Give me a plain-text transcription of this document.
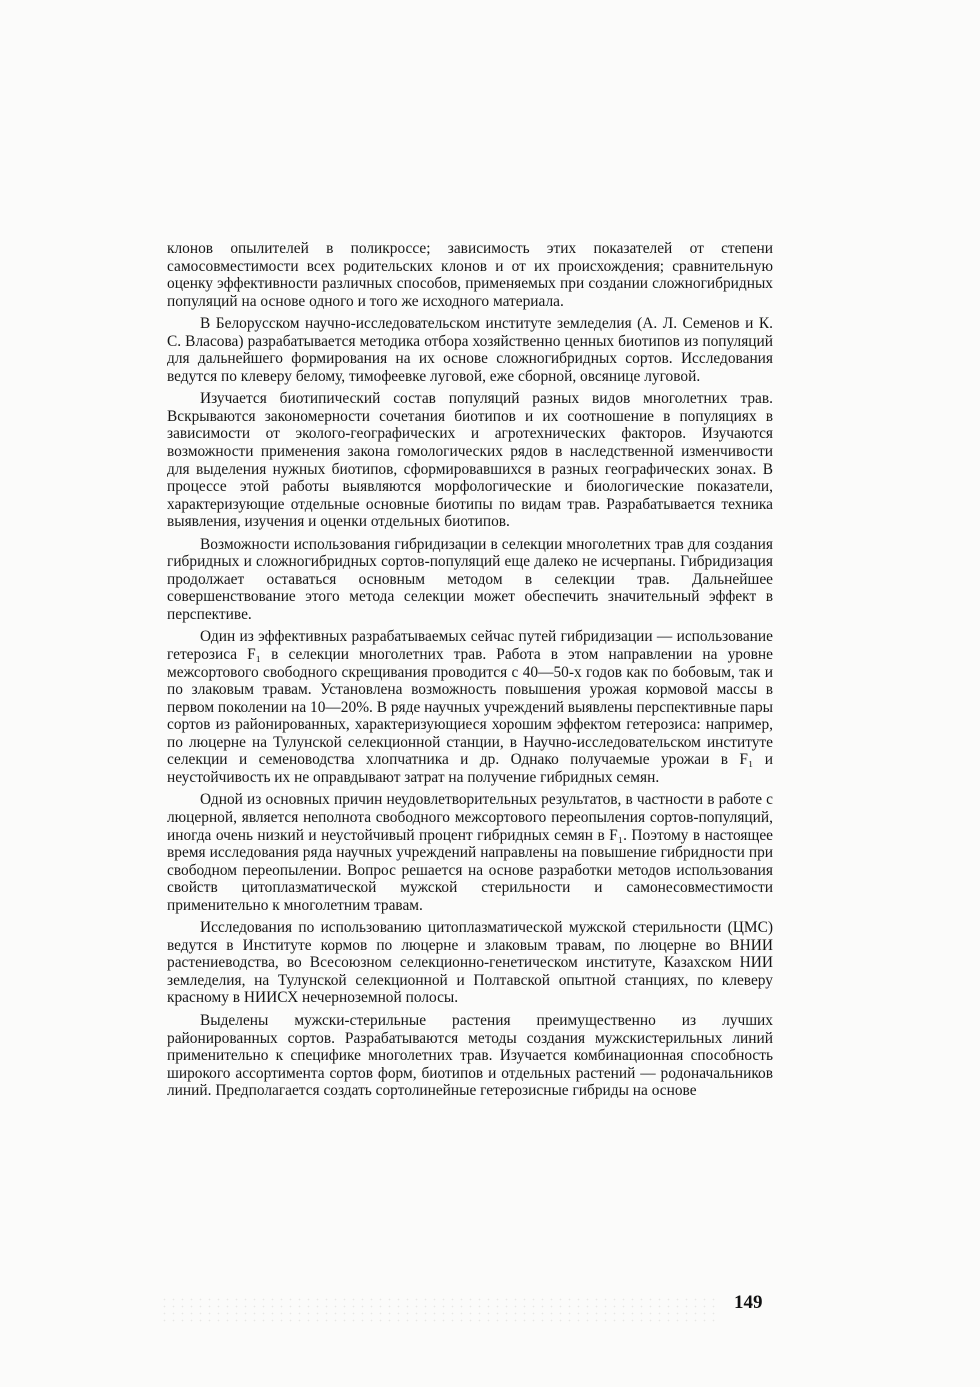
клонов опылителей в поликроссе; зависимость этих показателей от степени самосовместимости всех родительских клонов и от их происхождения; сравнительную оценку эффективности различных способов, применяемых при создании сложногибридных популяций на основе одного и того же исходного материала.

В Белорусском научно-исследовательском институте земледелия (А. Л. Семенов и К. С. Власова) разрабатывается методика отбора хозяйственно ценных биотипов из популяций для дальнейшего формирования на их основе сложногибридных сортов. Исследования ведутся по клеверу белому, тимофеевке луговой, ежe сборной, овсянице луговой.

Изучается биотипический состав популяций разных видов многолетних трав. Вскрываются закономерности сочетания биотипов и их соотношение в популяциях в зависимости от эколого-географических и агротехнических факторов. Изучаются возможности применения закона гомологических рядов в наследственной изменчивости для выделения нужных биотипов, сформировавшихся в разных географических зонах. В процессе этой работы выявляются морфологические и биологические показатели, характеризующие отдельные основные биотипы по видам трав. Разрабатывается техника выявления, изучения и оценки отдельных биотипов.

Возможности использования гибридизации в селекции многолетних трав для создания гибридных и сложногибридных сортов-популяций еще далеко не исчерпаны. Гибридизация продолжает оставаться основным методом в селекции трав. Дальнейшее совершенствование этого метода селекции может обеспечить значительный эффект в перспективе.

Один из эффективных разрабатываемых сейчас путей гибридизации — использование гетерозиса F₁ в селекции многолетних трав. Работа в этом направлении на уровне межсортового свободного скрещивания проводится с 40—50-х годов как по бобовым, так и по злаковым травам. Установлена возможность повышения урожая кормовой массы в первом поколении на 10—20%. В ряде научных учреждений выявлены перспективные пары сортов из районированных, характеризующиеся хорошим эффектом гетерозиса: например, по люцерне на Тулунской селекционной станции, в Научно-исследовательском институте селекции и семеноводства хлопчатника и др. Однако получаемые урожаи в F₁ и неустойчивость их не оправдывают затрат на получение гибридных семян.

Одной из основных причин неудовлетворительных результатов, в частности в работе с люцерной, является неполнота свободного межсортового переопыления сортов-популяций, иногда очень низкий и неустойчивый процент гибридных семян в F₁. Поэтому в настоящее время исследования ряда научных учреждений направлены на повышение гибридности при свободном переопылении. Вопрос решается на основе разработки методов использования свойств цитоплазматической мужской стерильности и самонесовместимости применительно к многолетним травам.

Исследования по использованию цитоплазматической мужской стерильности (ЦМС) ведутся в Институте кормов по люцерне и злаковым травам, по люцерне во ВНИИ растениеводства, во Всесоюзном селекционно-генетическом институте, Казахском НИИ земледелия, на Тулунской селекционной и Полтавской опытной станциях, по клеверу красному в НИИСХ нечерноземной полосы.

Выделены мужски-стерильные растения преимущественно из лучших районированных сортов. Разрабатываются методы создания мужскистерильных линий применительно к специфике многолетних трав. Изучается комбинационная способность широкого ассортимента сортов форм, биотипов и отдельных растений — родоначальников линий. Предполагается создать сортолинейные гетерозисные гибриды на основе

149
